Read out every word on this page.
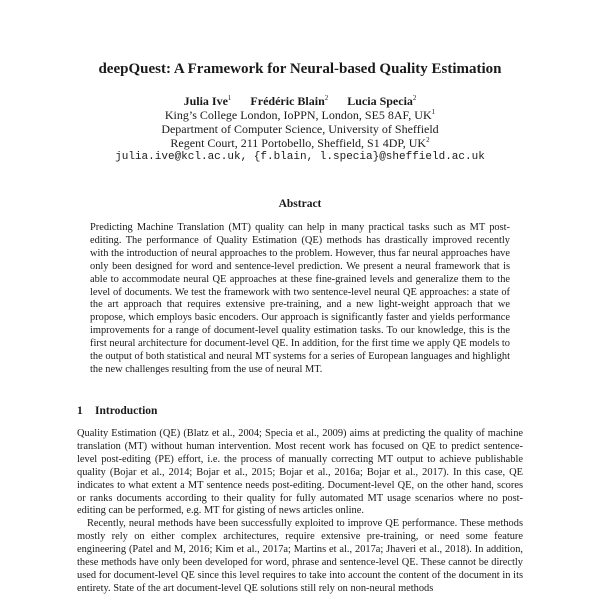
deepQuest: A Framework for Neural-based Quality Estimation
Julia Ive$^1$ Frédéric Blain$^2$ Lucia Specia$^2$
King’s College London, IoPPN, London, SE5 8AF, $UK^1$
Department of Computer Science, University of Sheffield
Regent Court, 211 Portobello, Sheffield, S1 4DP, $UK^2$
julia.ive@kcl.ac.uk, {f.blain, l.specia}@sheffield.ac.uk
Abstract
Predicting Machine Translation (MT) quality can help in many practical tasks such as MT post-editing. The performance of Quality Estimation (QE) methods has drastically improved recently with the introduction of neural approaches to the problem. However, thus far neural approaches have only been designed for word and sentence-level prediction. We present a neural framework that is able to accommodate neural QE approaches at these fine-grained levels and generalize them to the level of documents. We test the framework with two sentence-level neural QE approaches: a state of the art approach that requires extensive pre-training, and a new light-weight approach that we propose, which employs basic encoders. Our approach is significantly faster and yields performance improvements for a range of document-level quality estimation tasks. To our knowledge, this is the first neural architecture for document-level QE. In addition, for the first time we apply QE models to the output of both statistical and neural MT systems for a series of European languages and highlight the new challenges resulting from the use of neural MT.
1 Introduction

Quality Estimation (QE) (Blatz et al., 2004; Specia et al., 2009) aims at predicting the quality of machine translation (MT) without human intervention. Most recent work has focused on QE to predict sentence-level post-editing (PE) effort, i.e. the process of manually correcting MT output to achieve publishable quality (Bojar et al., 2014; Bojar et al., 2015; Bojar et al., 2016a; Bojar et al., 2017). In this case, QE indicates to what extent a MT sentence needs post-editing. Document-level QE, on the other hand, scores or ranks documents according to their quality for fully automated MT usage scenarios where no post-editing can be performed, e.g. MT for gisting of news articles online.

Recently, neural methods have been successfully exploited to improve QE performance. These methods mostly rely on either complex architectures, require extensive pre-training, or need some feature engineering (Patel and M, 2016; Kim et al., 2017a; Martins et al., 2017a; Jhaveri et al., 2018). In addition, these methods have only been developed for word, phrase and sentence-level QE. These cannot be directly used for document-level QE since this level requires to take into account the content of the document in its entirety. State of the art document-level QE solutions still rely on non-neural methods
